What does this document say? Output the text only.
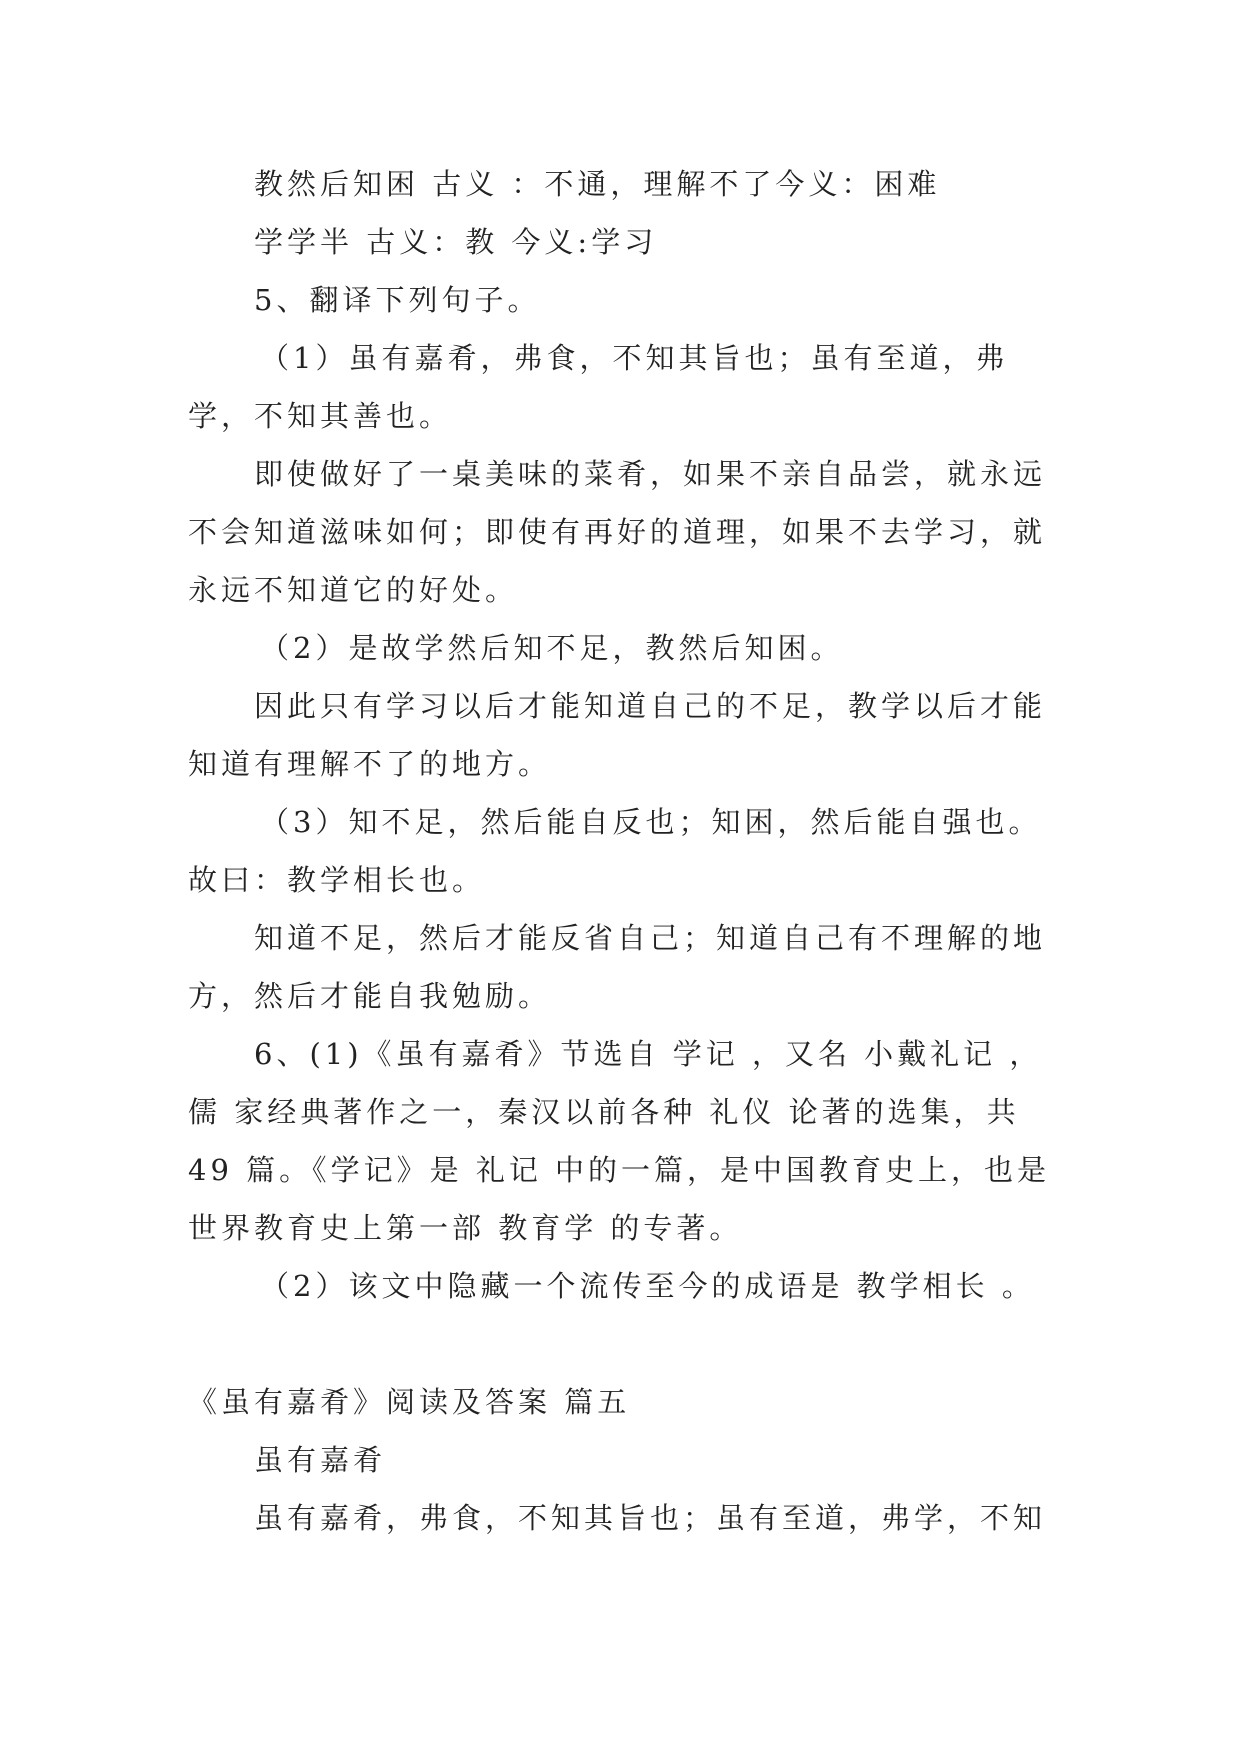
教然后知困 古义 ：不通，理解不了今义：困难

学学半 古义：教 今义:学习

5、翻译下列句子。

（1）虽有嘉肴，弗食，不知其旨也；虽有至道，弗学，不知其善也。

即使做好了一桌美味的菜肴，如果不亲自品尝，就永远不会知道滋味如何；即使有再好的道理，如果不去学习，就永远不知道它的好处。

（2）是故学然后知不足，教然后知困。

因此只有学习以后才能知道自己的不足，教学以后才能知道有理解不了的地方。

（3）知不足，然后能自反也；知困，然后能自强也。故曰：教学相长也。

知道不足，然后才能反省自己；知道自己有不理解的地方，然后才能自我勉励。

6、(1)《虽有嘉肴》节选自 学记 ，又名 小戴礼记 ，儒 家经典著作之一，秦汉以前各种 礼仪 论著的选集，共49 篇。《学记》是 礼记 中的一篇，是中国教育史上，也是世界教育史上第一部 教育学 的专著。

（2）该文中隐藏一个流传至今的成语是 教学相长 。

《虽有嘉肴》阅读及答案 篇五

虽有嘉肴

虽有嘉肴，弗食，不知其旨也；虽有至道，弗学，不知
